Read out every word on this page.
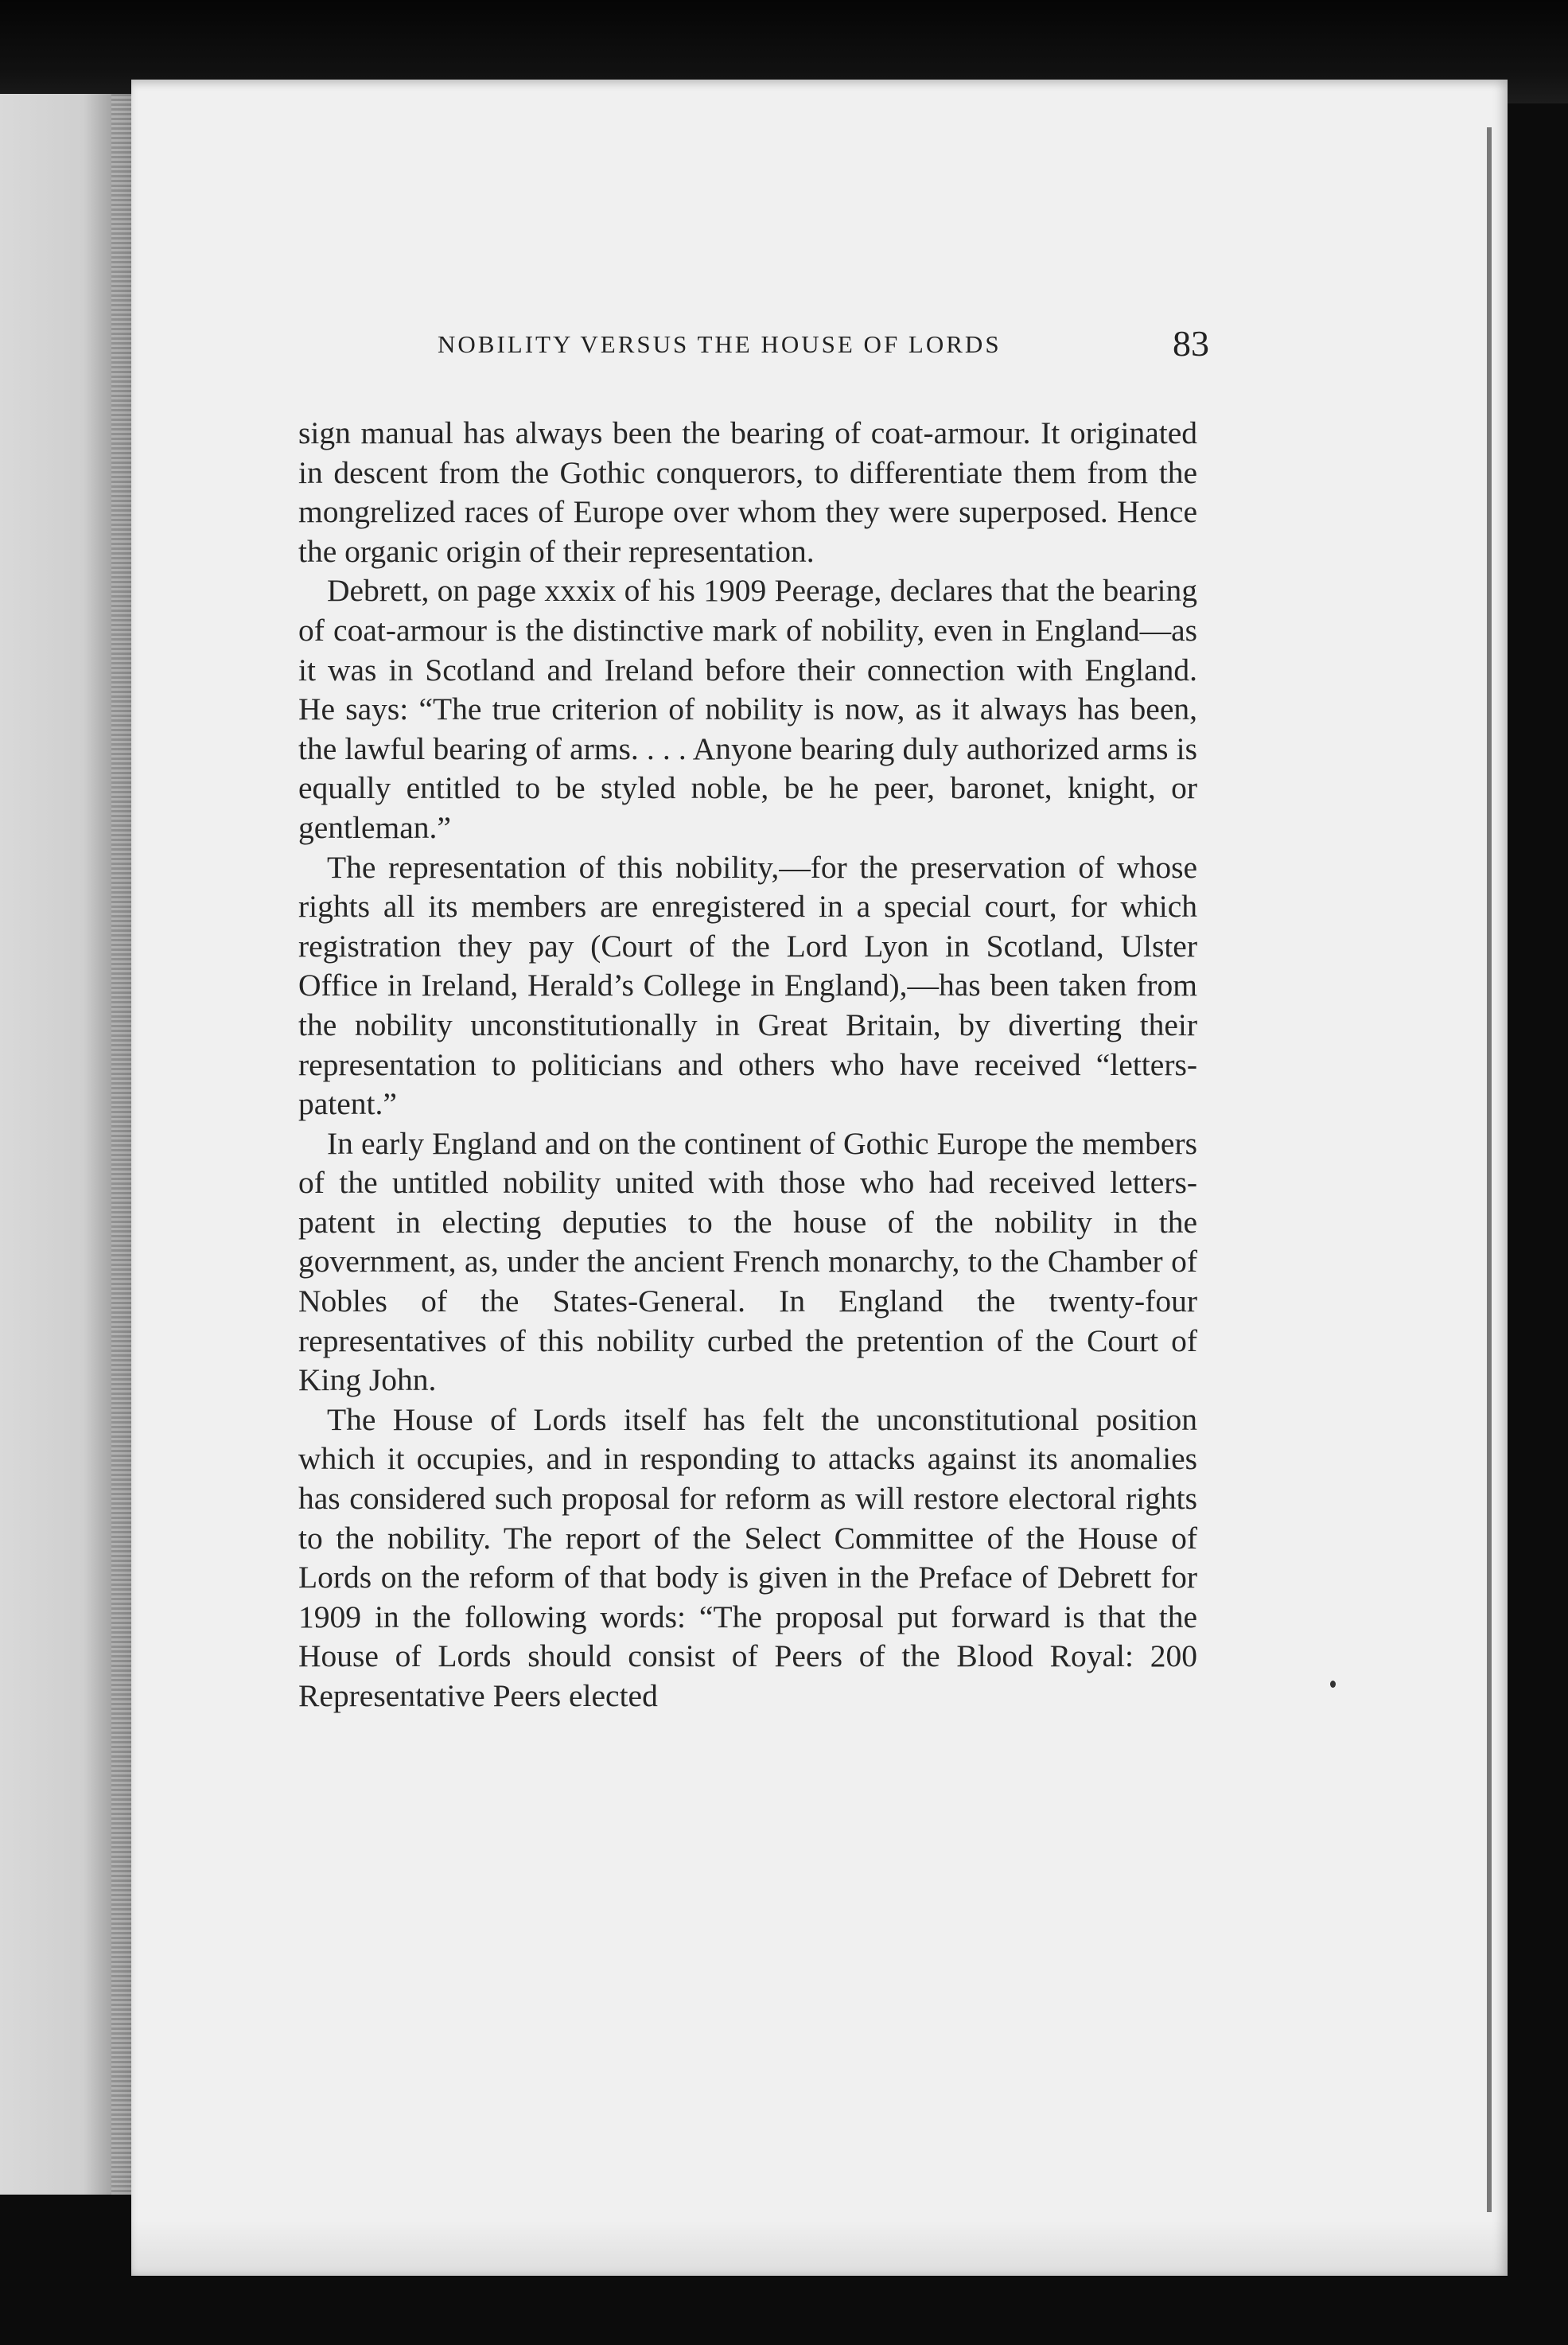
NOBILITY VERSUS THE HOUSE OF LORDS	83

sign manual has always been the bearing of coat-armour. It originated in descent from the Gothic conquerors, to differentiate them from the mongrelized races of Europe over whom they were superposed. Hence the organic origin of their representation.

Debrett, on page xxxix of his 1909 Peerage, declares that the bearing of coat-armour is the distinctive mark of nobility, even in England—as it was in Scotland and Ireland before their connection with England. He says: “The true criterion of nobility is now, as it always has been, the lawful bearing of arms. . . . Anyone bearing duly authorized arms is equally entitled to be styled noble, be he peer, baronet, knight, or gentleman.”

The representation of this nobility,—for the preservation of whose rights all its members are enregistered in a special court, for which registration they pay (Court of the Lord Lyon in Scotland, Ulster Office in Ireland, Herald’s College in England),—has been taken from the nobility unconstitutionally in Great Britain, by diverting their representation to politicians and others who have received “letters-patent.”

In early England and on the continent of Gothic Europe the members of the untitled nobility united with those who had received letters-patent in electing deputies to the house of the nobility in the government, as, under the ancient French monarchy, to the Chamber of Nobles of the States-General. In England the twenty-four representatives of this nobility curbed the pretention of the Court of King John.

The House of Lords itself has felt the unconstitutional position which it occupies, and in responding to attacks against its anomalies has considered such proposal for reform as will restore electoral rights to the nobility. The report of the Select Committee of the House of Lords on the reform of that body is given in the Preface of Debrett for 1909 in the following words: “The proposal put forward is that the House of Lords should consist of Peers of the Blood Royal: 200 Representative Peers elected
